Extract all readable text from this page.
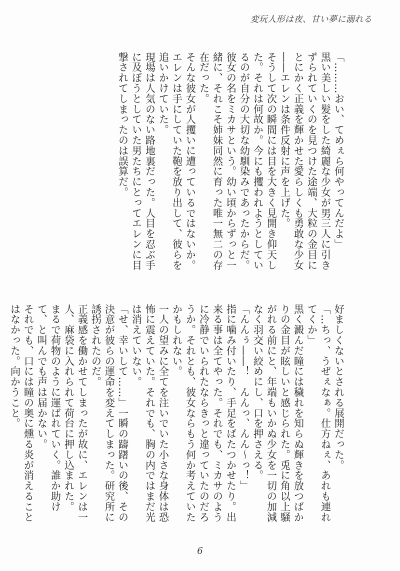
変玩人形は夜、甘い夢に溺れる

「………おい、てめぇら何やってんだよ」

黒い美しい髪をした綺麗な少女が男三人に引きずられていくのを見つけた途端、大粒の金目にとにかく正義を輝かせた愛らしくも勇敢な少女――エレンは条件反射に声を上げた。

そうして次の瞬間には目を大きく見開き仰天した。それは何故か。今にも攫われようとしているのが自分の大切な幼馴染みであったからだ。

彼女の名をミカサという。幼い頃からずっと一緒に、それこそ姉妹同然に育った唯一無二の存在だった。

そんな彼女が人攫いに遭っているではないか。エレンは手にしていた鞄を放り出して、彼らを追いかけていた。

現場は人気のない路地裏だった。人目を忍ぶ手に及ぼうとしていた男たちにとってエレンに目撃されてしまったのは誤算だ。

好ましくないとされる展開だった。

「…ちっ、うぜぇなぁ。仕方ねぇ、あれも連れてくか」

黒く澱んだ瞳には穢れを知らぬ輝きを放つばかりの金目が眩しいと感じられた。兎に角以上騒がれる前にと、年端もいかぬ少女を一切の加減なく羽交い絞めにし、口を押さえる。

「んんぅ――！　んんっ、んん〜っ！」

指に噛み付いたり、手足をばたつかせたり。出来る事は全てやった。それでも、ミカサのように冷静でいられたならきっと違っていたのだろうか。それとも、彼女ならもう何か考えていたかもしれない。

一人の望みに全てを注いでいた小さな身体は恐怖に震えていた。それでも、胸の内ではまだ光は消えていない。

「せ、幸いして……」一瞬の躊躇いの後、その決意が彼らの運命を変えてしまった。研究所に誘拐されたのだ。

正義感を働かせてしまったが故に、エレンは一人、麻袋に入れられて荷台に押し込まれた。

まるで荷物のように運ばれていく。誰か助けて、と叫んでも声は届かない。

それでも、口には瞳の奥に燻る炎が消えることはなかった。向かうこと。

6
